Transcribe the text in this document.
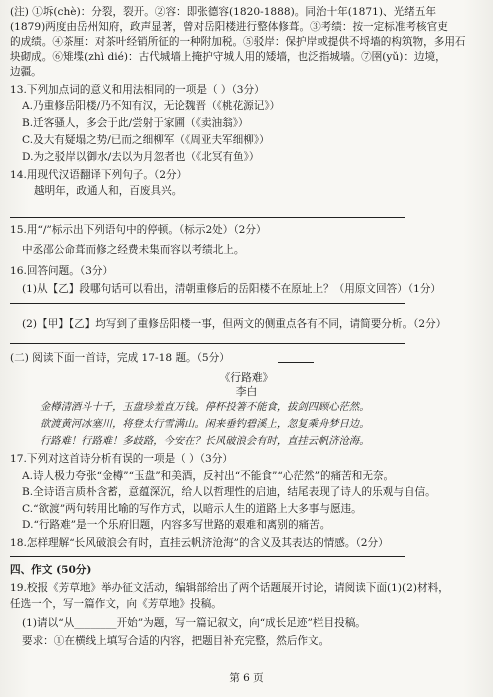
(注) ①坼(chè)：分裂，裂开。②容：即张德容(1820-1888)。同治十年(1871)、光绪五年
(1879)两度由岳州知府，政声显著，曾对岳阳楼进行整体修葺。③考绩：按一定标准考核官吏
的成绩。④茶厘：对茶叶经销所征的一种附加税。⑤驳岸：保护岸或提供不埒墙的构筑物，多用石
块砌成。⑥雉堞(zhì dié)：古代城墙上掩护守城人用的矮墙，也泛指城墙。⑦圉(yǔ)：边境，
边疆。
13.下列加点词的意义和用法相同的一项是（ ）（3分）
A.乃重修岳阳楼/乃不知有汉，无论魏晋（《桃花源记》）
B.迁客骚人，多会于此/尝射于家圃（《卖油翁》）
C.及大有疑塌之势/已而之细柳军（《周亚夫军细柳》）
D.为之驳岸以御水/去以为月忽者也（《北冥有鱼》）
14.用现代汉语翻译下列句子。（2分）
越明年，政通人和，百废具兴。
15.用“/”标示出下列语句中的停顿。（标示2处）（2分）
中丞邵公命葺而修之经费未集而容以考绩北上。
16.回答问题。（3分）
(1)从【乙】段哪句话可以看出，清朝重修后的岳阳楼不在原址上？（用原文回答）（1分）
(2)【甲】【乙】均写到了重修岳阳楼一事，但两文的侧重点各有不同，请简要分析。（2分）
(二) 阅读下面一首诗，完成 17-18 题。（5分）
《行路难》
李白
金樽清酒斗十千，玉盘珍羞直万钱。停杯投箸不能食，拔剑四顾心茫然。
欲渡黄河冰塞川，将登太行雪满山。闲来垂钓碧溪上，忽复乘舟梦日边。
行路难！行路难！多歧路，今安在？长风破浪会有时，直挂云帆济沧海。
17.下列对这首诗分析有误的一项是（ ）（3分）
A.诗人极力夸张“金樽”“玉盘”和美酒，反衬出“不能食”“心茫然”的痛苦和无奈。
B.全诗语言质朴含蓄，意蕴深沉，给人以哲理性的启迪，结尾表现了诗人的乐观与自信。
C.“欲渡”两句转用比喻的写作方式，以暗示人生的道路上大多事与愿违。
D.“行路难”是一个乐府旧题，内容多写世路的艰难和离别的痛苦。
18.怎样理解“长风破浪会有时，直挂云帆济沧海”的含义及其表达的情感。（2分）
四、作文 (50分)
19.校报《芳草地》举办征文活动，编辑部给出了两个话题展开讨论，请阅读下面(1)(2)材料，
任选一个，写一篇作文，向《芳草地》投稿。
(1)请以“从________开始”为题，写一篇记叙文，向“成长足迹”栏目投稿。
要求：①在横线上填写合适的内容，把题目补充完整，然后作文。
第 6 页
